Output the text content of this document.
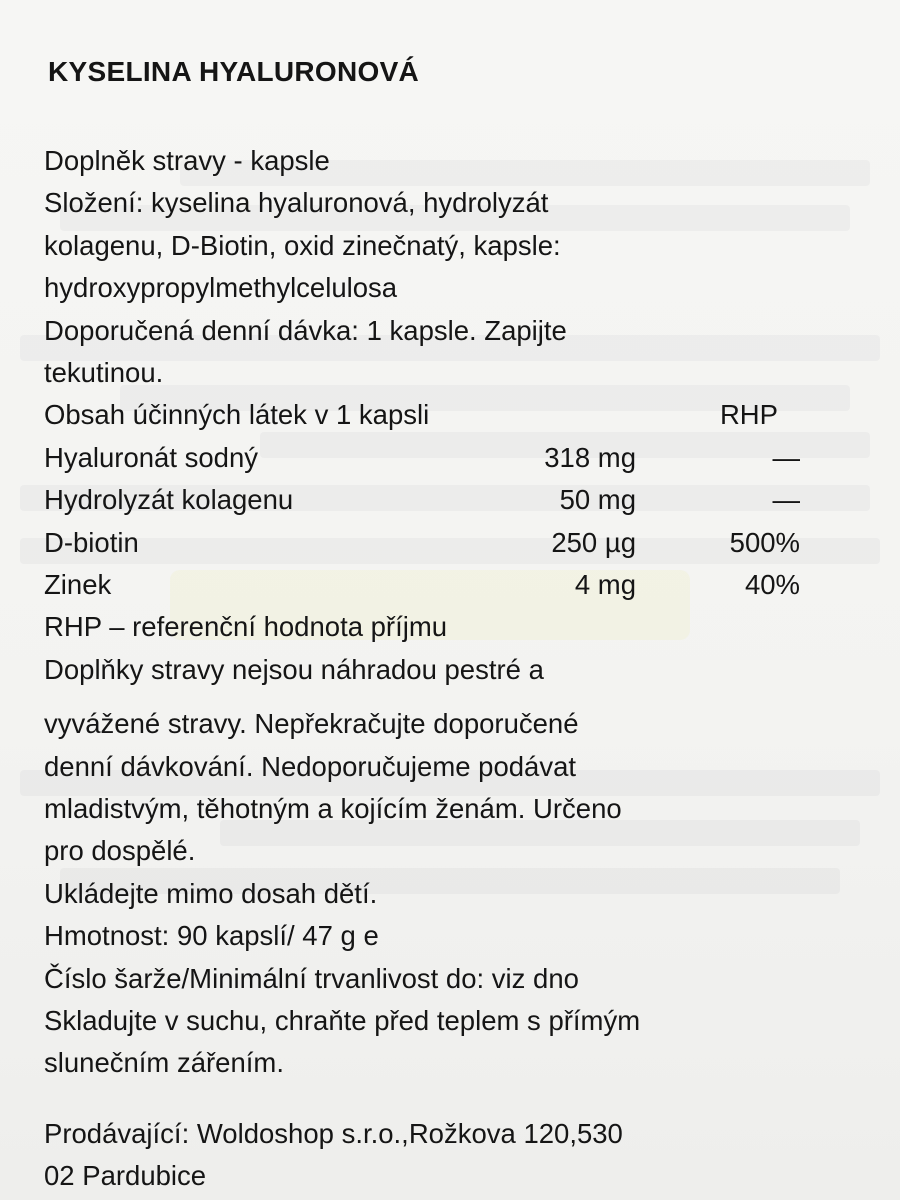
KYSELINA HYALURONOVÁ
Doplněk stravy - kapsle
Složení: kyselina hyaluronová, hydrolyzát
kolagenu, D-Biotin, oxid zinečnatý, kapsle:
hydroxypropylmethylcelulosa
Doporučená denní dávka: 1 kapsle. Zapijte
tekutinou.
Obsah účinných látek v 1 kapsli	RHP
Hyaluronát sodný	318 mg	—
Hydrolyzát kolagenu	50 mg	—
D-biotin	250 µg	500%
Zinek	4 mg	40%
RHP – referenční hodnota příjmu
Doplňky stravy nejsou náhradou pestré a
vyvážené stravy. Nepřekračujte doporučené
denní dávkování. Nedoporučujeme podávat
mladistvým, těhotným a kojícím ženám. Určeno
pro dospělé.
Ukládejte mimo dosah dětí.
Hmotnost: 90 kapslí/ 47 g e
Číslo šarže/Minimální trvanlivost do: viz dno
Skladujte v suchu, chraňte před teplem s přímým
slunečním zářením.
Prodávající: Woldoshop s.r.o.,Rožkova 120,530
02 Pardubice
